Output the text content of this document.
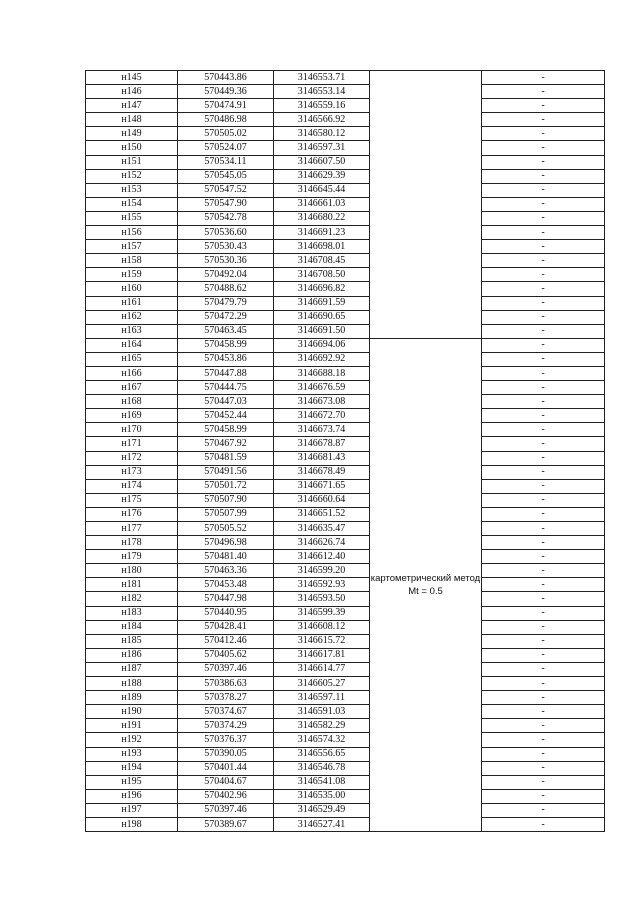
н145	570443.86	3146553.71		-
н146	570449.36	3146553.14		-
н147	570474.91	3146559.16		-
н148	570486.98	3146566.92		-
н149	570505.02	3146580.12		-
н150	570524.07	3146597.31		-
н151	570534.11	3146607.50		-
н152	570545.05	3146629.39		-
н153	570547.52	3146645.44		-
н154	570547.90	3146661.03		-
н155	570542.78	3146680.22		-
н156	570536.60	3146691.23		-
н157	570530.43	3146698.01		-
н158	570530.36	3146708.45		-
н159	570492.04	3146708.50		-
н160	570488.62	3146696.82		-
н161	570479.79	3146691.59		-
н162	570472.29	3146690.65		-
н163	570463.45	3146691.50		-
н164	570458.99	3146694.06	картометрический метод Mt = 0.5	-
н165	570453.86	3146692.92		-
н166	570447.88	3146688.18		-
н167	570444.75	3146676.59		-
н168	570447.03	3146673.08		-
н169	570452.44	3146672.70		-
н170	570458.99	3146673.74		-
н171	570467.92	3146678.87		-
н172	570481.59	3146681.43		-
н173	570491.56	3146678.49		-
н174	570501.72	3146671.65		-
н175	570507.90	3146660.64		-
н176	570507.99	3146651.52		-
н177	570505.52	3146635.47		-
н178	570496.98	3146626.74		-
н179	570481.40	3146612.40		-
н180	570463.36	3146599.20		-
н181	570453.48	3146592.93		-
н182	570447.98	3146593.50		-
н183	570440.95	3146599.39		-
н184	570428.41	3146608.12		-
н185	570412.46	3146615.72		-
н186	570405.62	3146617.81		-
н187	570397.46	3146614.77		-
н188	570386.63	3146605.27		-
н189	570378.27	3146597.11		-
н190	570374.67	3146591.03		-
н191	570374.29	3146582.29		-
н192	570376.37	3146574.32		-
н193	570390.05	3146556.65		-
н194	570401.44	3146546.78		-
н195	570404.67	3146541.08		-
н196	570402.96	3146535.00		-
н197	570397.46	3146529.49		-
н198	570389.67	3146527.41		-
